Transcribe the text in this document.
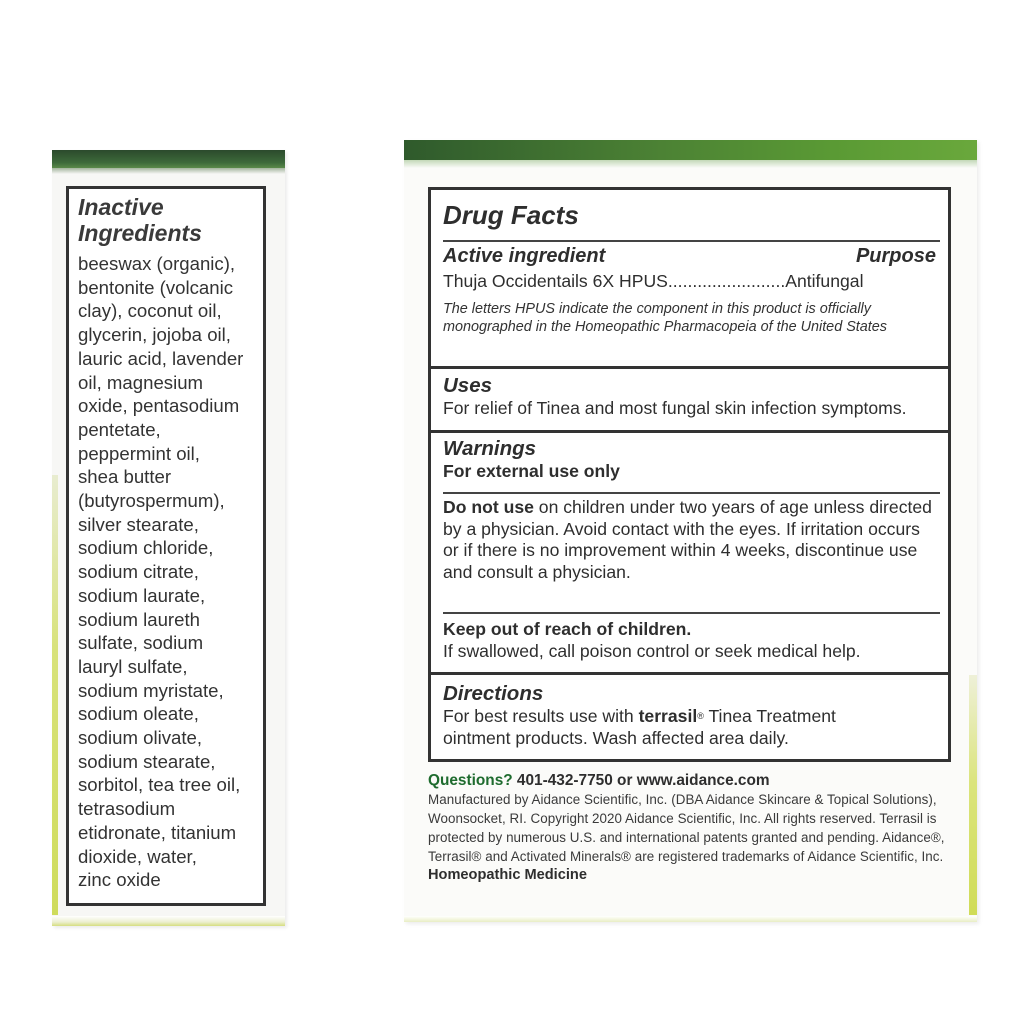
Inactive
Ingredients

beeswax (organic),
bentonite (volcanic
clay), coconut oil,
glycerin, jojoba oil,
lauric acid, lavender
oil, magnesium
oxide, pentasodium
pentetate,
peppermint oil,
shea butter
(butyrospermum),
silver stearate,
sodium chloride,
sodium citrate,
sodium laurate,
sodium laureth
sulfate, sodium
lauryl sulfate,
sodium myristate,
sodium oleate,
sodium olivate,
sodium stearate,
sorbitol, tea tree oil,
tetrasodium
etidronate, titanium
dioxide, water,
zinc oxide

Drug Facts
Active ingredient	Purpose
Thuja Occidentails 6X HPUS........................Antifungal
The letters HPUS indicate the component in this product is officially monographed in the Homeopathic Pharmacopeia of the United States
Uses
For relief of Tinea and most fungal skin infection symptoms.
Warnings
For external use only
Do not use on children under two years of age unless directed by a physician. Avoid contact with the eyes. If irritation occurs or if there is no improvement within 4 weeks, discontinue use and consult a physician.
Keep out of reach of children.
If swallowed, call poison control or seek medical help.
Directions
For best results use with terrasil® Tinea Treatment ointment products. Wash affected area daily.
Questions? 401-432-7750 or www.aidance.com
Manufactured by Aidance Scientific, Inc. (DBA Aidance Skincare & Topical Solutions), Woonsocket, RI. Copyright 2020 Aidance Scientific, Inc. All rights reserved. Terrasil is protected by numerous U.S. and international patents granted and pending. Aidance®, Terrasil® and Activated Minerals® are registered trademarks of Aidance Scientific, Inc.
Homeopathic Medicine
